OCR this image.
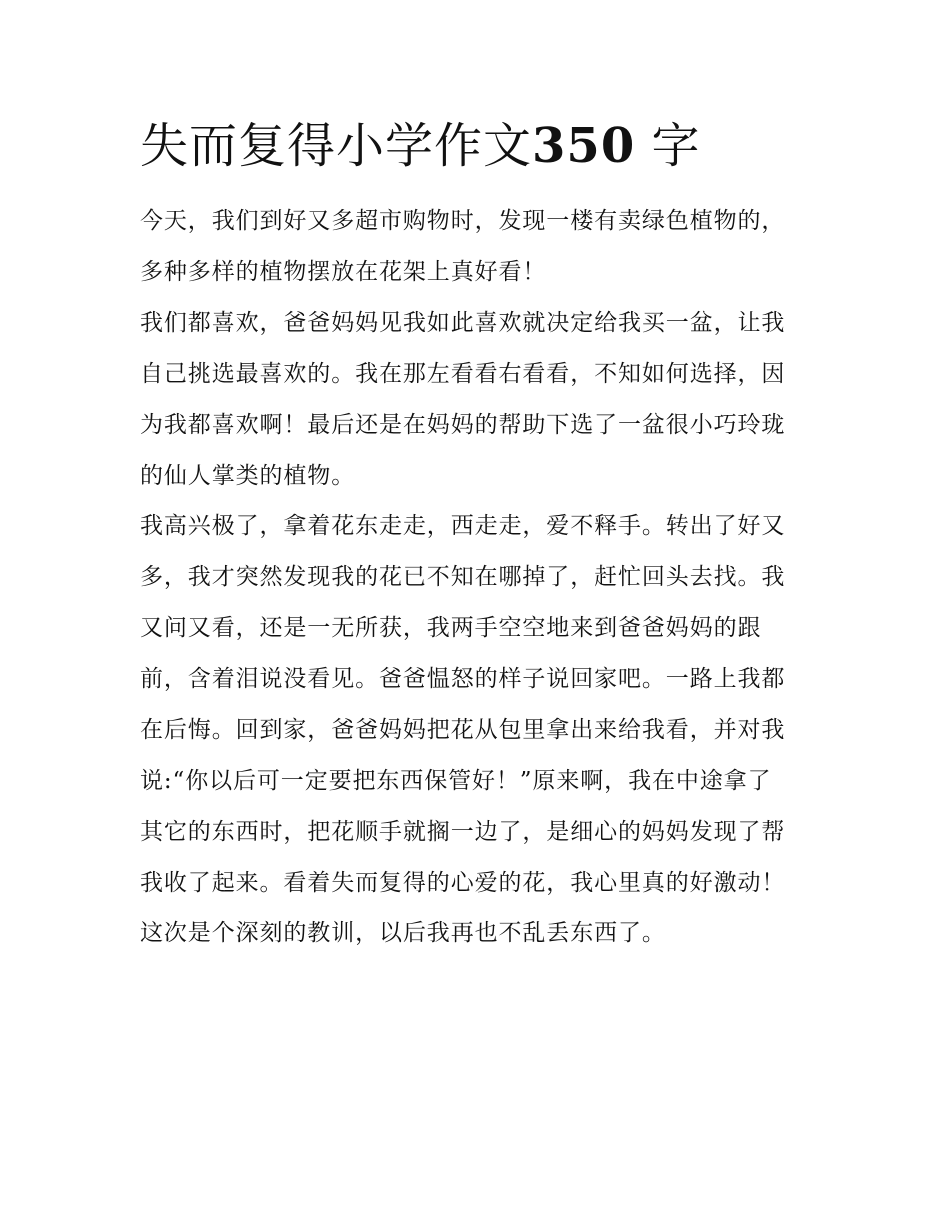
失而复得小学作文350 字

今天，我们到好又多超市购物时，发现一楼有卖绿色植物的，

多种多样的植物摆放在花架上真好看！

我们都喜欢，爸爸妈妈见我如此喜欢就决定给我买一盆，让我

自己挑选最喜欢的。我在那左看看右看看，不知如何选择，因

为我都喜欢啊！最后还是在妈妈的帮助下选了一盆很小巧玲珑

的仙人掌类的植物。

我高兴极了，拿着花东走走，西走走，爱不释手。转出了好又

多，我才突然发现我的花已不知在哪掉了，赶忙回头去找。我

又问又看，还是一无所获，我两手空空地来到爸爸妈妈的跟

前，含着泪说没看见。爸爸愠怒的样子说回家吧。一路上我都

在后悔。回到家，爸爸妈妈把花从包里拿出来给我看，并对我

说:“你以后可一定要把东西保管好！”原来啊，我在中途拿了

其它的东西时，把花顺手就搁一边了，是细心的妈妈发现了帮

我收了起来。看着失而复得的心爱的花，我心里真的好激动！

这次是个深刻的教训，以后我再也不乱丢东西了。
